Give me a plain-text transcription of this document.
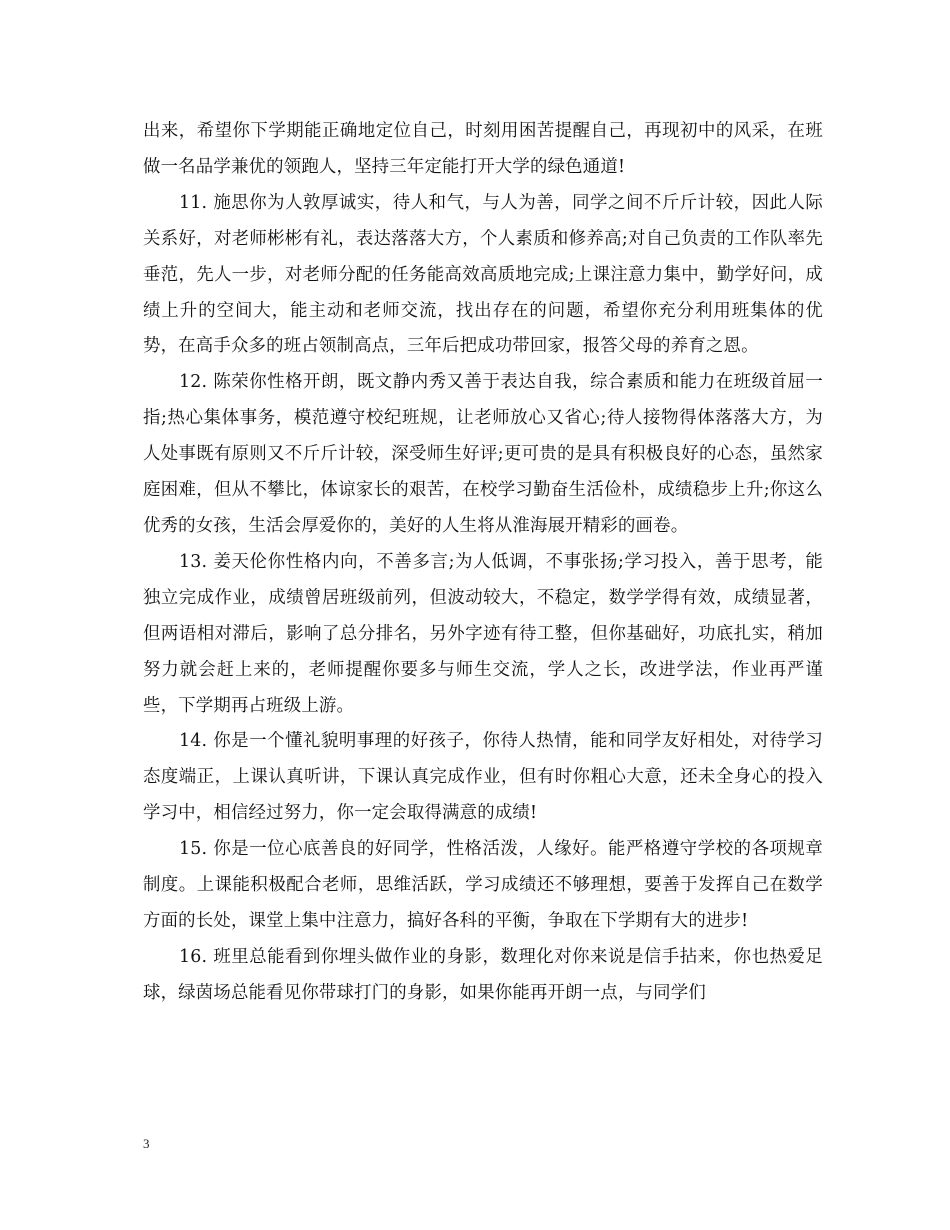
出来，希望你下学期能正确地定位自己，时刻用困苦提醒自己，再现初中的风采，在班做一名品学兼优的领跑人，坚持三年定能打开大学的绿色通道!

11. 施思你为人敦厚诚实，待人和气，与人为善，同学之间不斤斤计较，因此人际关系好，对老师彬彬有礼，表达落落大方，个人素质和修养高;对自己负责的工作队率先垂范，先人一步，对老师分配的任务能高效高质地完成;上课注意力集中，勤学好问，成绩上升的空间大，能主动和老师交流，找出存在的问题，希望你充分利用班集体的优势，在高手众多的班占领制高点，三年后把成功带回家，报答父母的养育之恩。

12. 陈荣你性格开朗，既文静内秀又善于表达自我，综合素质和能力在班级首屈一指;热心集体事务，模范遵守校纪班规，让老师放心又省心;待人接物得体落落大方，为人处事既有原则又不斤斤计较，深受师生好评;更可贵的是具有积极良好的心态，虽然家庭困难，但从不攀比，体谅家长的艰苦，在校学习勤奋生活俭朴，成绩稳步上升;你这么优秀的女孩，生活会厚爱你的，美好的人生将从淮海展开精彩的画卷。

13. 姜天伦你性格内向，不善多言;为人低调，不事张扬;学习投入，善于思考，能独立完成作业，成绩曾居班级前列，但波动较大，不稳定，数学学得有效，成绩显著，但两语相对滞后，影响了总分排名，另外字迹有待工整，但你基础好，功底扎实，稍加努力就会赶上来的，老师提醒你要多与师生交流，学人之长，改进学法，作业再严谨些，下学期再占班级上游。

14. 你是一个懂礼貌明事理的好孩子，你待人热情，能和同学友好相处，对待学习态度端正，上课认真听讲，下课认真完成作业，但有时你粗心大意，还未全身心的投入学习中，相信经过努力，你一定会取得满意的成绩!

15. 你是一位心底善良的好同学，性格活泼，人缘好。能严格遵守学校的各项规章制度。上课能积极配合老师，思维活跃，学习成绩还不够理想，要善于发挥自己在数学方面的长处，课堂上集中注意力，搞好各科的平衡，争取在下学期有大的进步!

16. 班里总能看到你埋头做作业的身影，数理化对你来说是信手拈来，你也热爱足球，绿茵场总能看见你带球打门的身影，如果你能再开朗一点，与同学们

3
